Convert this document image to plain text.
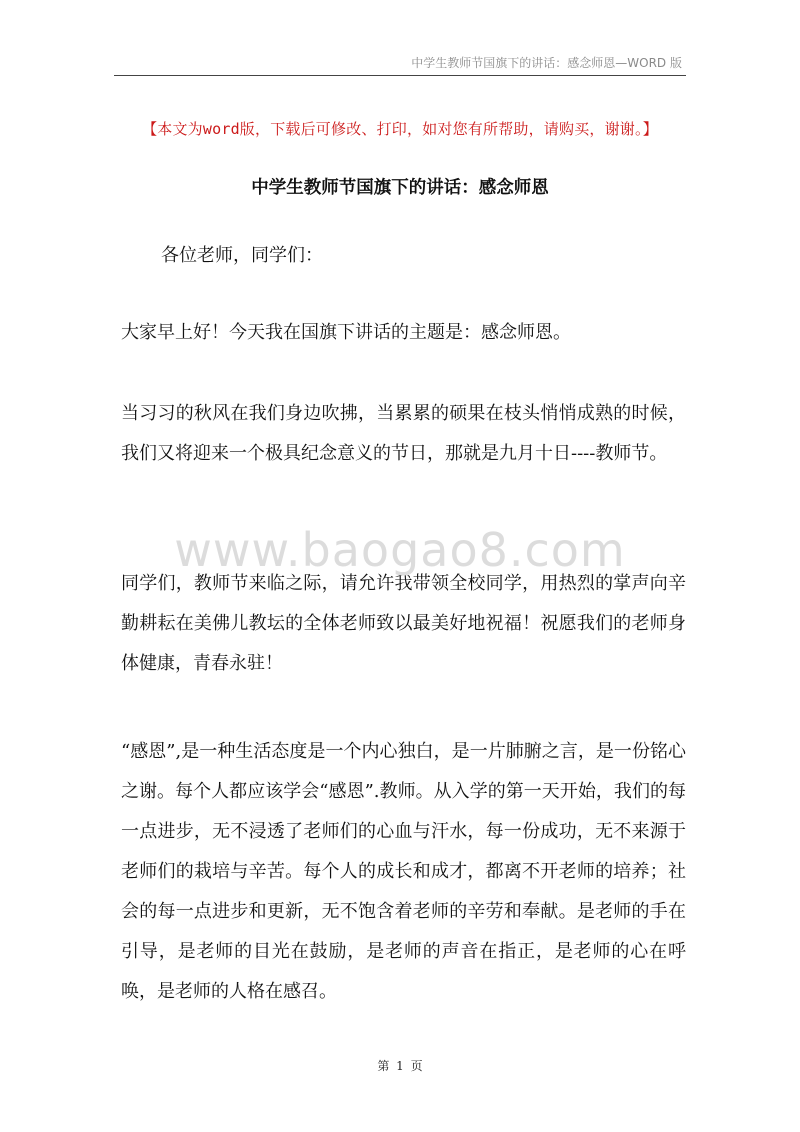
中学生教师节国旗下的讲话：感念师恩—WORD 版
【本文为word版，下载后可修改、打印，如对您有所帮助，请购买，谢谢。】
中学生教师节国旗下的讲话：感念师恩

各位老师，同学们：

大家早上好！今天我在国旗下讲话的主题是：感念师恩。

当习习的秋风在我们身边吹拂，当累累的硕果在枝头悄悄成熟的时候，我们又将迎来一个极具纪念意义的节日，那就是九月十日----教师节。

同学们，教师节来临之际，请允许我带领全校同学，用热烈的掌声向辛勤耕耘在美佛儿教坛的全体老师致以最美好地祝福！祝愿我们的老师身体健康，青春永驻！

“感恩”,是一种生活态度是一个内心独白，是一片肺腑之言，是一份铭心之谢。每个人都应该学会“感恩”.教师。从入学的第一天开始，我们的每一点进步，无不浸透了老师们的心血与汗水，每一份成功，无不来源于老师们的栽培与辛苦。每个人的成长和成才，都离不开老师的培养；社会的每一点进步和更新，无不饱含着老师的辛劳和奉献。是老师的手在引导，是老师的目光在鼓励，是老师的声音在指正，是老师的心在呼唤，是老师的人格在感召。

www.baogao8.com
第 1 页
